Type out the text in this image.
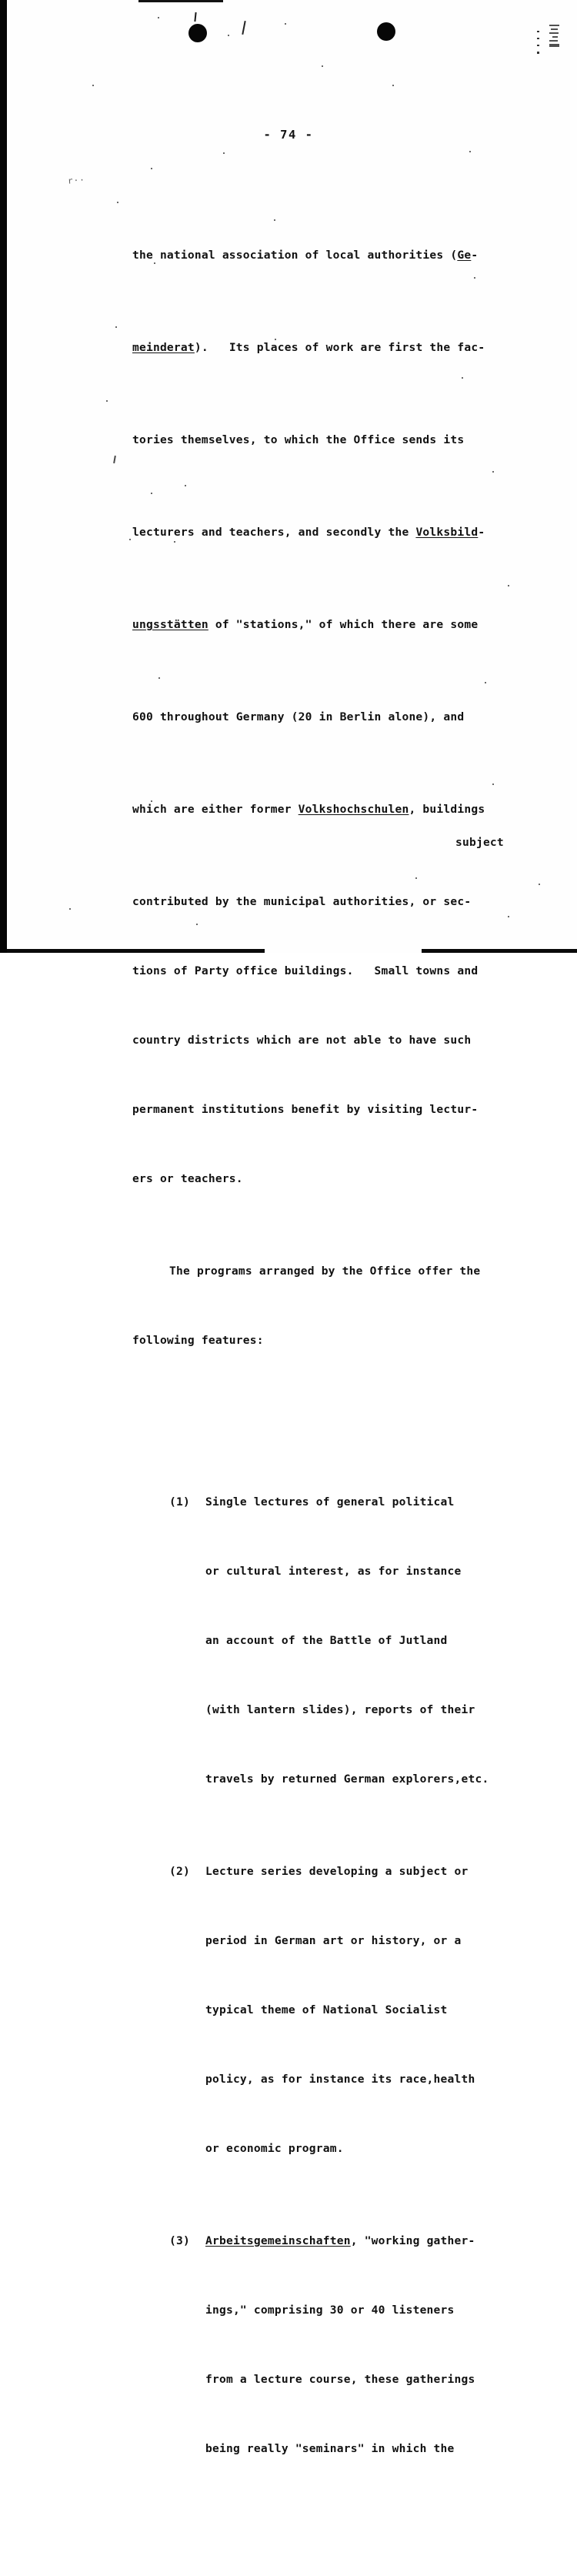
r··
- 74 -

the national association of local authorities (Ge-

meinderat).   Its places of work are first the fac-

tories themselves, to which the Office sends its

lecturers and teachers, and secondly the Volksbild-

ungsstätten of "stations," of which there are some

600 throughout Germany (20 in Berlin alone), and

which are either former Volkshochschulen, buildings

contributed by the municipal authorities, or sec-

tions of Party office buildings.   Small towns and

country districts which are not able to have such

permanent institutions benefit by visiting lectur-

ers or teachers.

The programs arranged by the Office offer the

following features:

(1) Single lectures of general political

or cultural interest, as for instance

an account of the Battle of Jutland

(with lantern slides), reports of their

travels by returned German explorers,etc.

(2) Lecture series developing a subject or

period in German art or history, or a

typical theme of National Socialist

policy, as for instance its race,health

or economic program.

(3) Arbeitsgemeinschaften, "working gather-

ings," comprising 30 or 40 listeners

from a lecture course, these gatherings

being really "seminars" in which the

subject
